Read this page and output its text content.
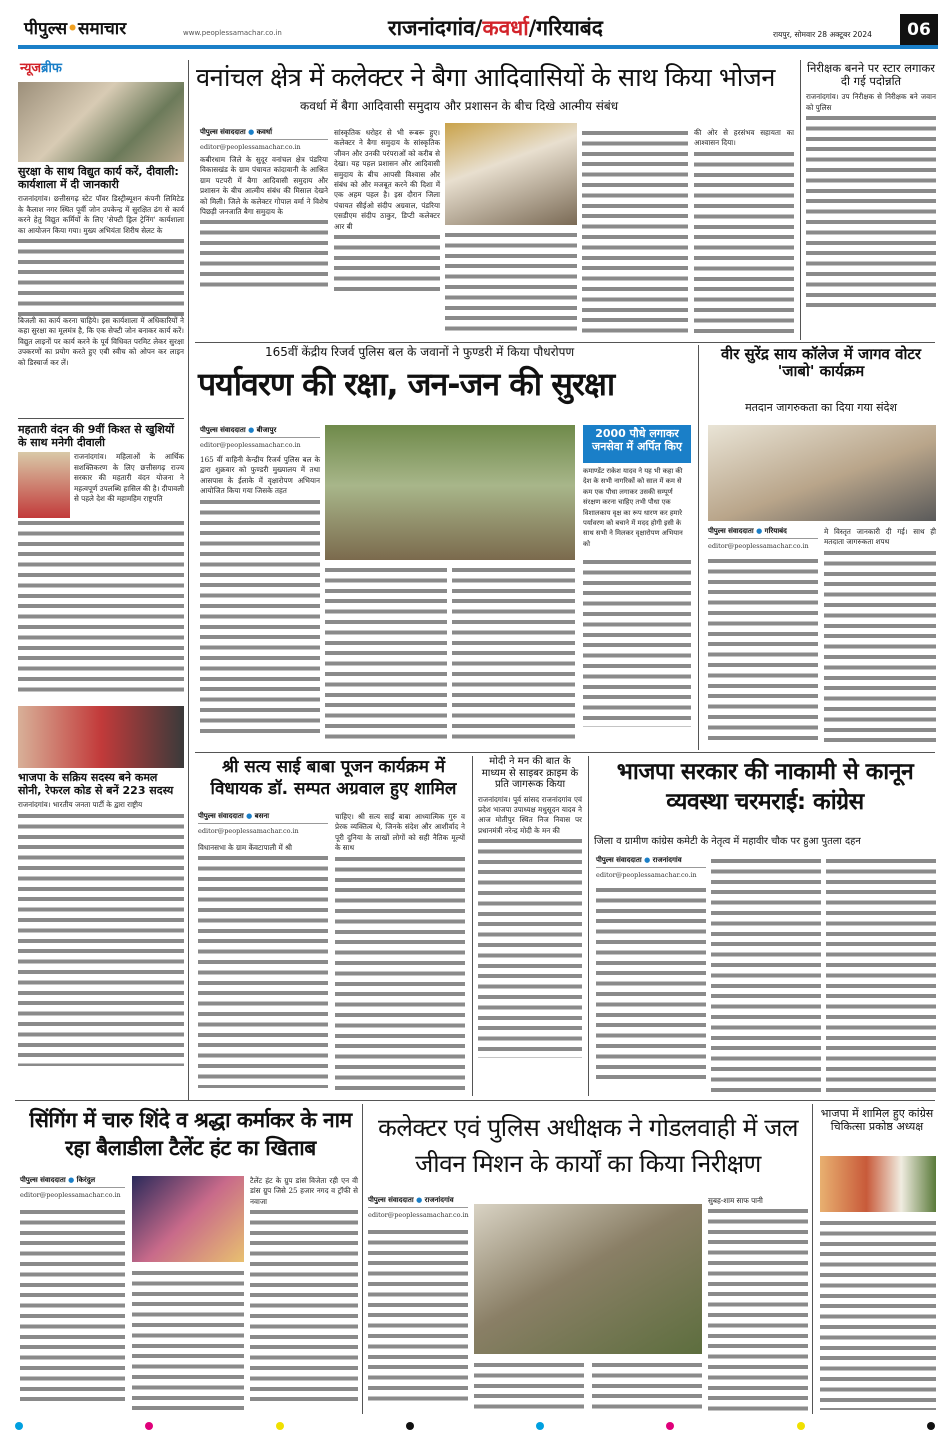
पीपुल्स•समाचार	www.peoplessamachar.co.in	राजनांदगांव/कवर्धा/गरियाबंद	रायपुर, सोमवार 28 अक्टूबर 2024	06
न्यूजब्रीफ
सुरक्षा के साथ विद्युत कार्य करें, दीवाली: कार्यशाला में दी जानकारी
राजनांदगांव। छत्तीसगढ़ स्टेट पॉवर डिस्ट्रीब्यूशन कंपनी लिमिटेड के कैलाश नगर स्थित पूर्वी जोन उपकेन्द्र में सुरक्षित ढंग से कार्य करने हेतु विद्युत कर्मियों के लिए 'सेफ्टी ड्रिल ट्रेनिंग' कार्यशाला का आयोजन किया गया। मुख्य अभियंता शिरीष सेलट के
बिजली का कार्य करना चाहिये। इस कार्यशाला में अधिकारियों ने कहा सुरक्षा का मूलमंत्र है, कि एक सेफ्टी जोन बनाकर कार्य करें। विद्युत लाइनों पर कार्य करने के पूर्व विधिवत परमिट लेकर सुरक्षा उपकरणों का प्रयोग करते हुए एबी स्वीच को ओपन कर लाइन को डिस्चार्ज कर लें।
महतारी वंदन की 9वीं किश्त से खुशियों के साथ मनेगी दीवाली
राजनांदगांव। महिलाओं के आर्थिक सशक्तिकरण के लिए छत्तीसगढ़ राज्य सरकार की महतारी वंदन योजना ने महत्वपूर्ण उपलब्धि हासिल की है। दीपावली से पहले देश की महामहिम राष्ट्रपति
भाजपा के सक्रिय सदस्य बने कमल सोनी, रेफरल कोड से बनें 223 सदस्य
राजनांदगांव। भारतीय जनता पार्टी के द्वारा राष्ट्रीय
वनांचल क्षेत्र में कलेक्टर ने बैगा आदिवासियों के साथ किया भोजन
कवर्धा में बैगा आदिवासी समुदाय और प्रशासन के बीच दिखे आत्मीय संबंध
पीपुल्स संवाददाता ● कवर्धा
editor@peoplessamachar.co.in
कबीरधाम जिले के सुदूर वनांचल क्षेत्र पंडरिया विकासखंड के ग्राम पंचायत कांदावानी के आश्रित ग्राम पटपरी में बैगा आदिवासी समुदाय और प्रशासन के बीच आत्मीय संबंध की मिसाल देखने को मिली। जिले के कलेक्टर गोपाल वर्मा ने विशेष पिछड़ी जनजाति बैगा समुदाय के
सांस्कृतिक धरोहर से भी रूबरू हुए। कलेक्टर ने बैगा समुदाय के सांस्कृतिक जीवन और उनकी परंपराओं को करीब से देखा। यह पहल प्रशासन और आदिवासी समुदाय के बीच आपसी विश्वास और संबंध को और मजबूत करने की दिशा में एक अहम पहल है। इस दौरान जिला पंचायत सीईओ संदीप अग्रवाल, पंडरिया एसडीएम संदीप ठाकुर, डिप्टी कलेक्टर आर बी
की ओर से हरसंभव सहायता का आश्वासन दिया।
निरीक्षक बनने पर स्टार लगाकर दी गई पदोन्नति
राजनांदगांव। उप निरीक्षक से निरीक्षक बने जवान को पुलिस
165वीं केंद्रीय रिजर्व पुलिस बल के जवानों ने फुण्डरी में किया पौधरोपण
पर्यावरण की रक्षा, जन-जन की सुरक्षा
पीपुल्स संवाददाता ● बीजापुर
editor@peoplessamachar.co.in
165 वीं वाहिनी केन्द्रीय रिजर्व पुलिस बल के द्वारा शुक्रवार को फुण्डरी मुख्यालय में तथा आसपास के ईलाके में वृक्षारोपण अभियान आयोजित किया गया जिसके तहत
2000 पौधे लगाकर जनसेवा में अर्पित किए
कमाण्डेंट राकेश यादव ने यह भी कहा की देश के सभी नागरिकों को साल में कम से कम एक पौधा लगाकर उसकी सम्पूर्ण संरक्षण करना चाहिए तभी पौधा एक विशालकाय वृक्ष का रूप धारण कर हमारे पर्यावरण को बचाने में मदद होगी इसी के साथ सभी ने मिलकर वृक्षारोपण अभियान को
वीर सुरेंद्र साय कॉलेज में जागव वोटर 'जाबो' कार्यक्रम
मतदान जागरुकता का दिया गया संदेश
पीपुल्स संवाददाता ● गरियाबंद
editor@peoplessamachar.co.in
मे विस्तृत जानकारी दी गई। साथ ही मतदाता जागरुकता शपथ
श्री सत्य साई बाबा पूजन कार्यक्रम में विधायक डॉ. सम्पत अग्रवाल हुए शामिल
पीपुल्स संवाददाता ● बसना
editor@peoplessamachar.co.in
विधानसभा के ग्राम केंवटापाली में श्री
चाहिए। श्री सत्य साईं बाबा आध्यात्मिक गुरु व प्रेरक व्यक्तित्व थे, जिनके संदेश और आशीर्वाद ने पूरी दुनिया के लाखों लोगों को सही नैतिक मूल्यों के साथ
मोदी ने मन की बात के माध्यम से साइबर क्राइम के प्रति जागरूक किया
राजनांदगांव। पूर्व सांसद राजनांदगांव एवं प्रदेश भाजपा उपाध्यक्ष मधुसूदन यादव ने आज मोतीपुर स्थित निज निवास पर प्रधानमंत्री नरेन्द्र मोदी के मन की
भाजपा सरकार की नाकामी से कानून व्यवस्था चरमराई: कांग्रेस
जिला व ग्रामीण कांग्रेस कमेटी के नेतृत्व में महावीर चौक पर हुआ पुतला दहन
पीपुल्स संवाददाता ● राजनांदगांव
editor@peoplessamachar.co.in
सिंगिंग में चारु शिंदे व श्रद्धा कर्माकर के नाम रहा बैलाडीला टैलेंट हंट का खिताब
पीपुल्स संवाददाता ● किरंदुल
editor@peoplessamachar.co.in
टैलेंट हंट के ग्रुप डांस विजेता रही एन वी डांस ग्रुप जिसे 25 हजार नगद व ट्रॉफी से नवाजा
कलेक्टर एवं पुलिस अधीक्षक ने गोडलवाही में जल जीवन मिशन के कार्यों का किया निरीक्षण
पीपुल्स संवाददाता ● राजनांदगांव
editor@peoplessamachar.co.in
सुबह-शाम साफ पानी
भाजपा में शामिल हुए कांग्रेस चिकित्सा प्रकोष्ठ अध्यक्ष
